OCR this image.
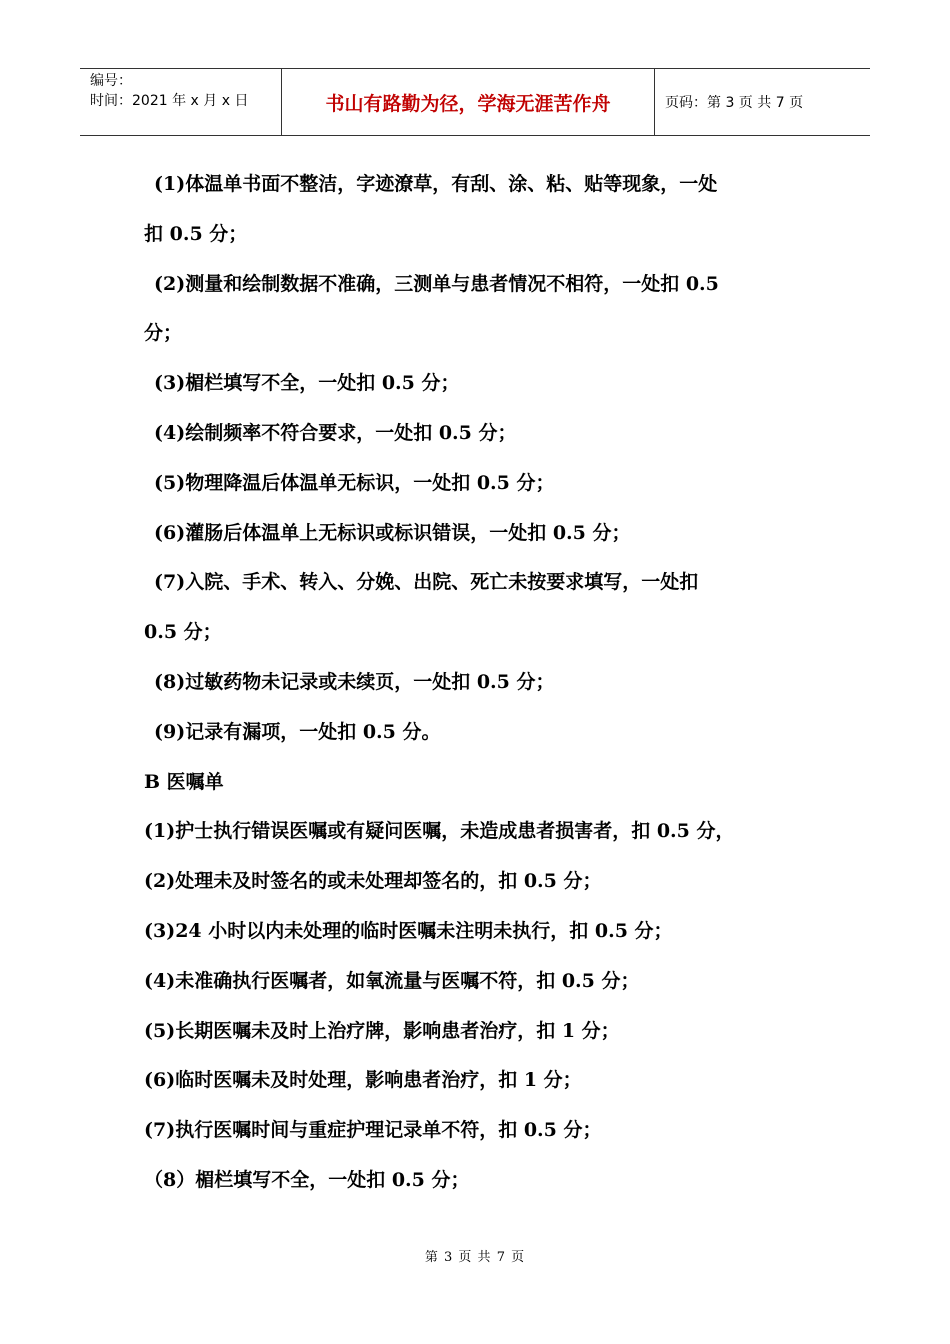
编号：
时间：2021 年 x 月 x 日	书山有路勤为径，学海无涯苦作舟	页码：第 3 页 共 7 页
(1)体温单书面不整洁，字迹潦草，有刮、涂、粘、贴等现象，一处
扣 0.5 分；
(2)测量和绘制数据不准确，三测单与患者情况不相符，一处扣 0.5
分；
(3)楣栏填写不全，一处扣 0.5 分；
(4)绘制频率不符合要求，一处扣 0.5 分；
(5)物理降温后体温单无标识，一处扣 0.5 分；
(6)灌肠后体温单上无标识或标识错误，一处扣 0.5 分；
(7)入院、手术、转入、分娩、出院、死亡未按要求填写，一处扣
0.5 分；
(8)过敏药物未记录或未续页，一处扣 0.5 分；
(9)记录有漏项，一处扣 0.5 分。
B 医嘱单
(1)护士执行错误医嘱或有疑问医嘱，未造成患者损害者，扣 0.5 分，
(2)处理未及时签名的或未处理却签名的，扣 0.5 分；
(3)24 小时以内未处理的临时医嘱未注明未执行，扣 0.5 分；
(4)未准确执行医嘱者，如氧流量与医嘱不符，扣 0.5 分；
(5)长期医嘱未及时上治疗牌，影响患者治疗，扣 1 分；
(6)临时医嘱未及时处理，影响患者治疗，扣 1 分；
(7)执行医嘱时间与重症护理记录单不符，扣 0.5 分；
（8）楣栏填写不全，一处扣 0.5 分；
第 3 页 共 7 页
